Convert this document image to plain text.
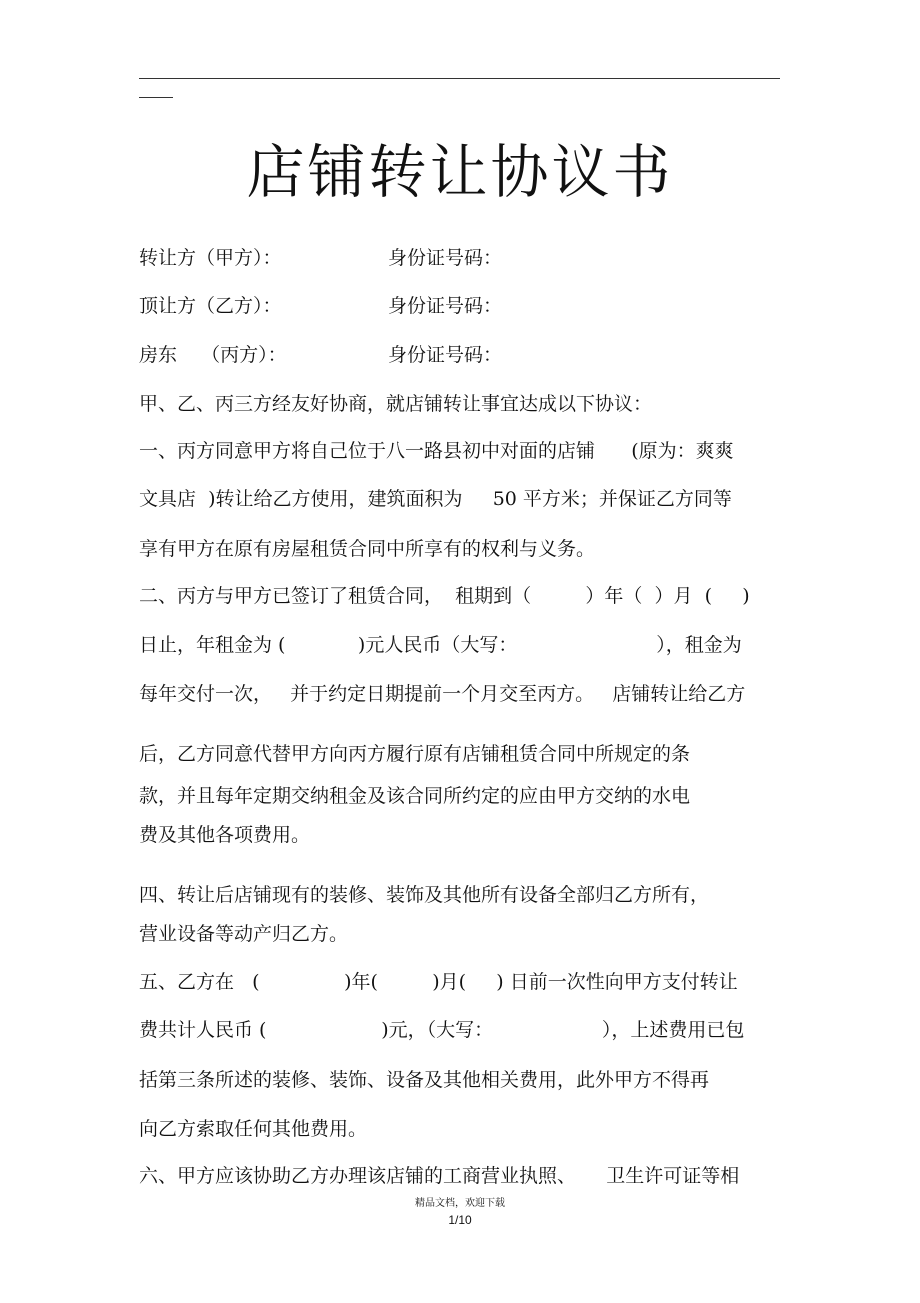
店铺转让协议书
转让方（甲方）：	身份证号码：
顶让方（乙方）：	身份证号码：
房东    （丙方）：	身份证号码：
甲、乙、丙三方经友好协商，就店铺转让事宜达成以下协议：
一、丙方同意甲方将自己位于八一路县初中对面的店铺      (原为：爽爽
文具店  )转让给乙方使用，建筑面积为     50 平方米；并保证乙方同等
享有甲方在原有房屋租赁合同中所享有的权利与义务。
二、丙方与甲方已签订了租赁合同，  租期到（         ）年（  ）月  (     )
日止，年租金为 (            )元人民币（大写：                       ），租金为
每年交付一次，   并于约定日期提前一个月交至丙方。   店铺转让给乙方
后，乙方同意代替甲方向丙方履行原有店铺租赁合同中所规定的条
款，并且每年定期交纳租金及该合同所约定的应由甲方交纳的水电
费及其他各项费用。
四、转让后店铺现有的装修、装饰及其他所有设备全部归乙方所有，
营业设备等动产归乙方。
五、乙方在   (              )年(         )月(     ) 日前一次性向甲方支付转让
费共计人民币 (                   )元，（大写：                  ），上述费用已包
括第三条所述的装修、装饰、设备及其他相关费用，此外甲方不得再
向乙方索取任何其他费用。
六、甲方应该协助乙方办理该店铺的工商营业执照、     卫生许可证等相
精品文档，欢迎下载
1/10
